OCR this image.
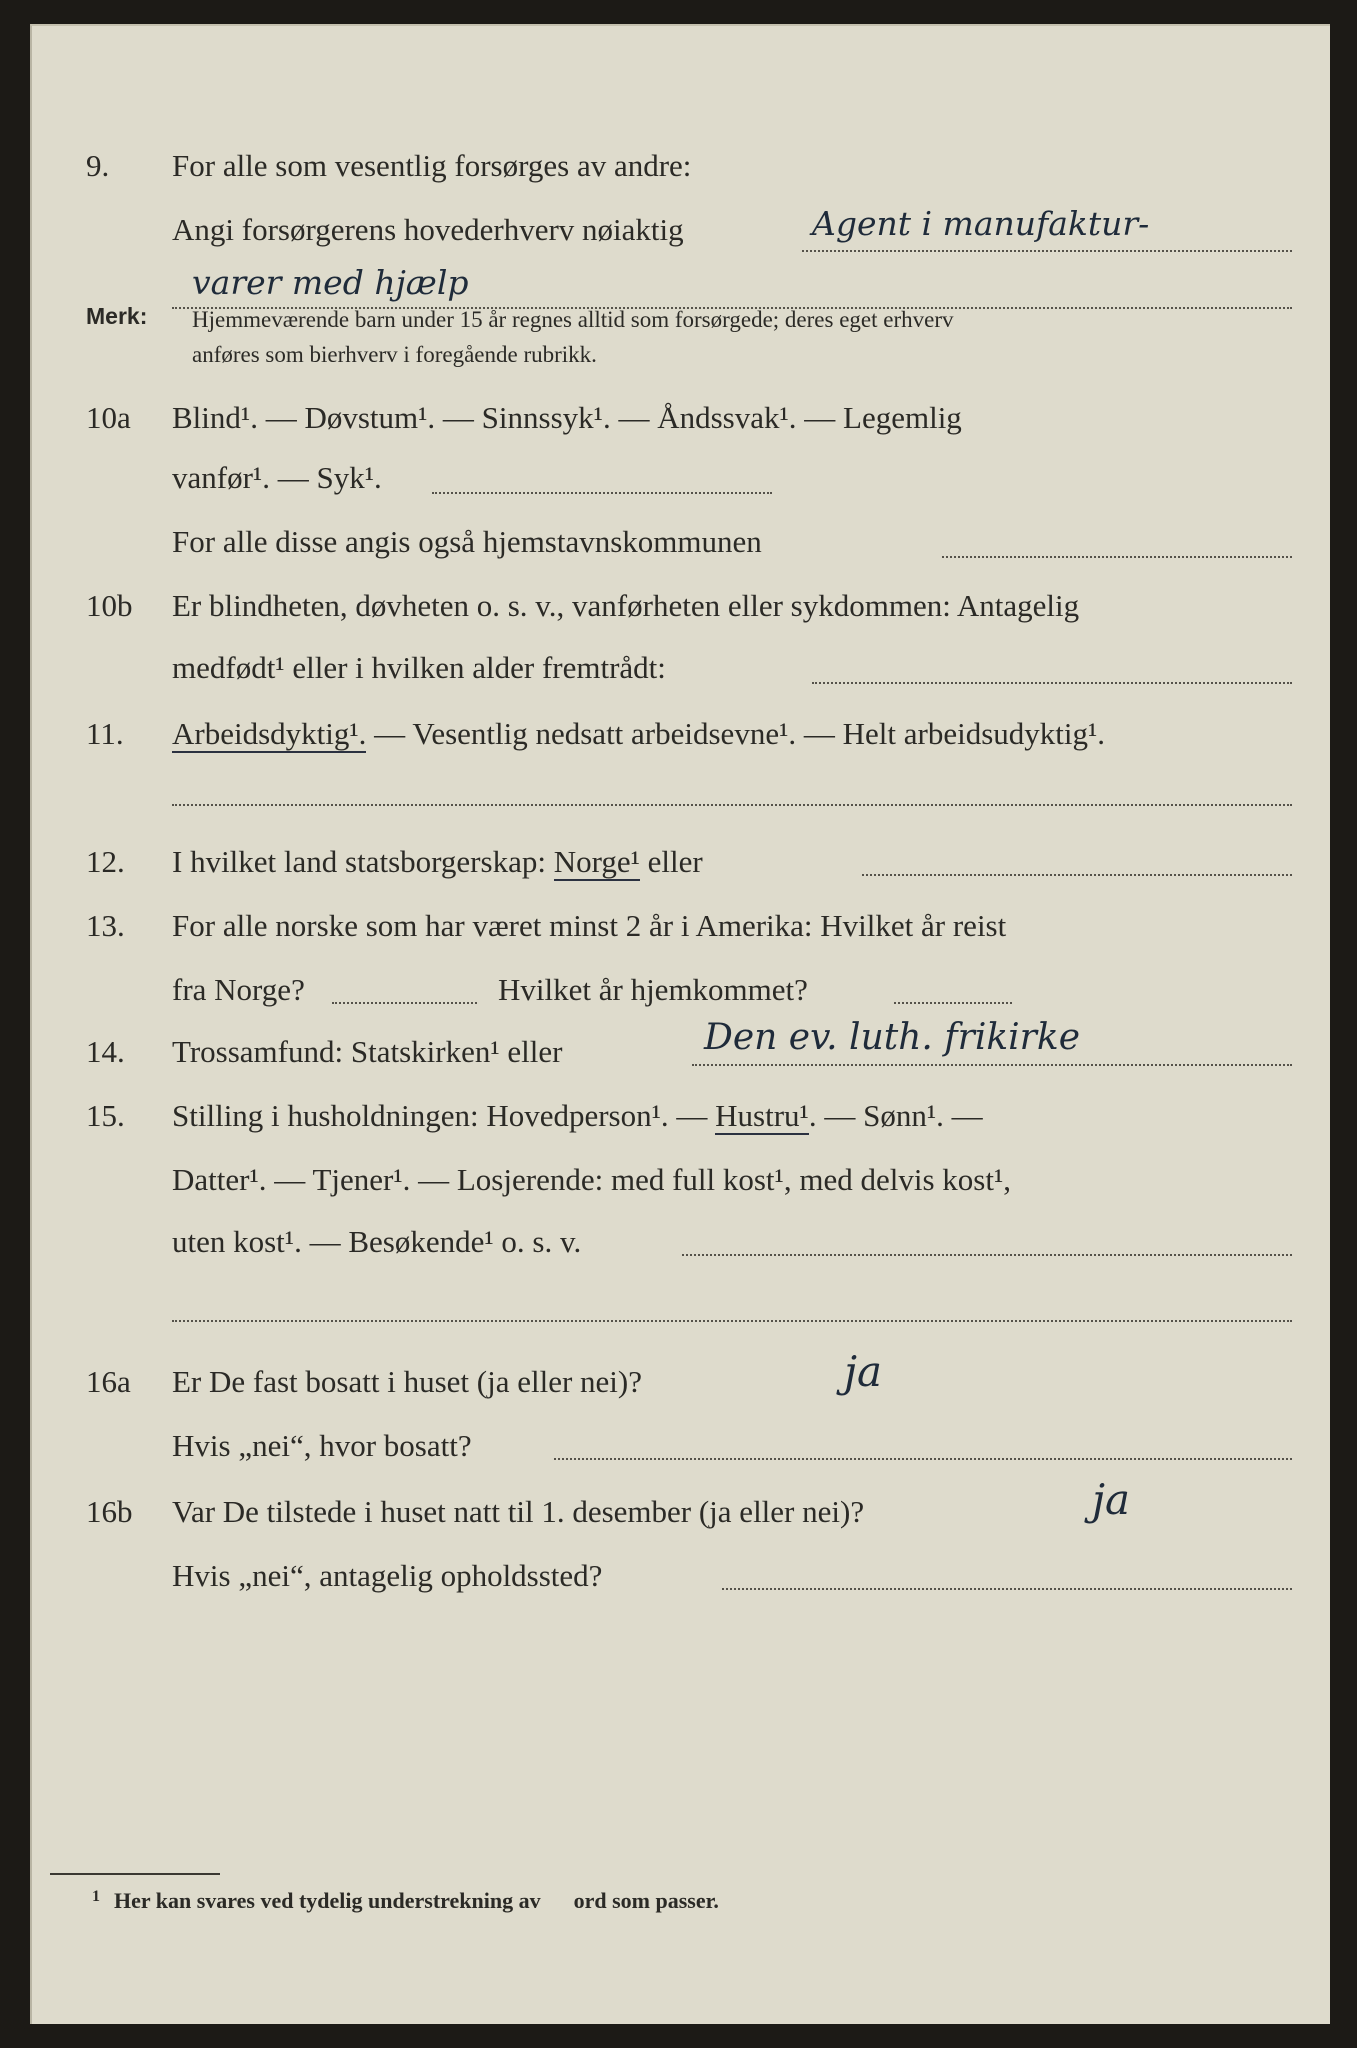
9. For alle som vesentlig forsørges av andre:
Angi forsørgerens hovederhverv nøiaktig	Agent i manufaktur-
varer med hjælp
Merk: Hjemmeværende barn under 15 år regnes alltid som forsørgede; deres eget erhverv
anføres som bierhverv i foregående rubrikk.
10a Blind¹. — Døvstum¹. — Sinnssyk¹. — Åndssvak¹. — Legemlig
vanfør¹. — Syk¹.
For alle disse angis også hjemstavnskommunen
10b Er blindheten, døvheten o. s. v., vanførheten eller sykdommen: Antagelig
medfødt¹ eller i hvilken alder fremtrådt:
11. Arbeidsdyktig¹. — Vesentlig nedsatt arbeidsevne¹. — Helt arbeidsudyktig¹.
12. I hvilket land statsborgerskap: Norge¹ eller
13. For alle norske som har været minst 2 år i Amerika: Hvilket år reist
fra Norge?	Hvilket år hjemkommet?
14. Trossamfund: Statskirken¹ eller	Den ev. luth. frikirke
15. Stilling i husholdningen: Hovedperson¹. — Hustru¹. — Sønn¹. —
Datter¹. — Tjener¹. — Losjerende: med full kost¹, med delvis kost¹,
uten kost¹. — Besøkende¹ o. s. v.
16a Er De fast bosatt i huset (ja eller nei)?	ja
Hvis „nei“, hvor bosatt?
16b Var De tilstede i huset natt til 1. desember (ja eller nei)?	ja
Hvis „nei“, antagelig opholdssted?
$^1$ Her kan svares ved tydelig understrekning av      ord som passer.
